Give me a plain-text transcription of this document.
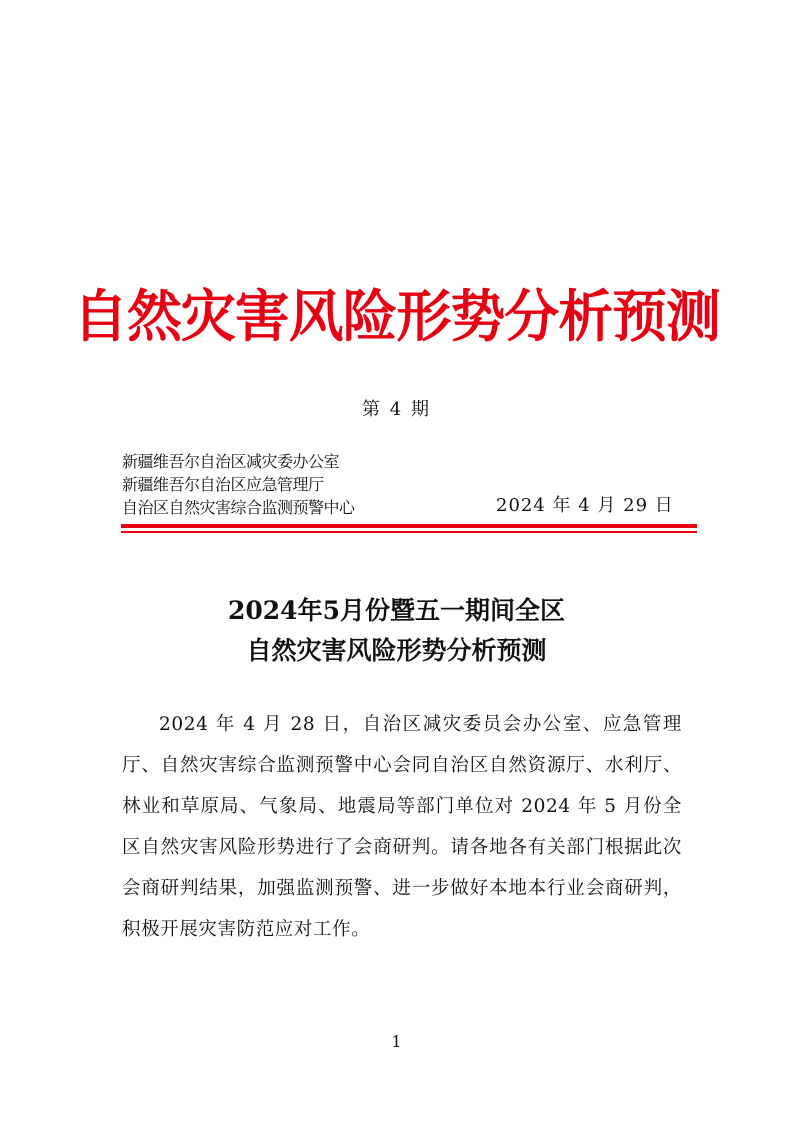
自然灾害风险形势分析预测
第 4 期
新疆维吾尔自治区减灾委办公室
新疆维吾尔自治区应急管理厅
自治区自然灾害综合监测预警中心	2024 年 4 月 29 日
2024年5月份暨五一期间全区
自然灾害风险形势分析预测
2024 年 4 月 28 日，自治区减灾委员会办公室、应急管理厅、自然灾害综合监测预警中心会同自治区自然资源厅、水利厅、林业和草原局、气象局、地震局等部门单位对 2024 年 5 月份全区自然灾害风险形势进行了会商研判。请各地各有关部门根据此次会商研判结果，加强监测预警、进一步做好本地本行业会商研判，积极开展灾害防范应对工作。
1
